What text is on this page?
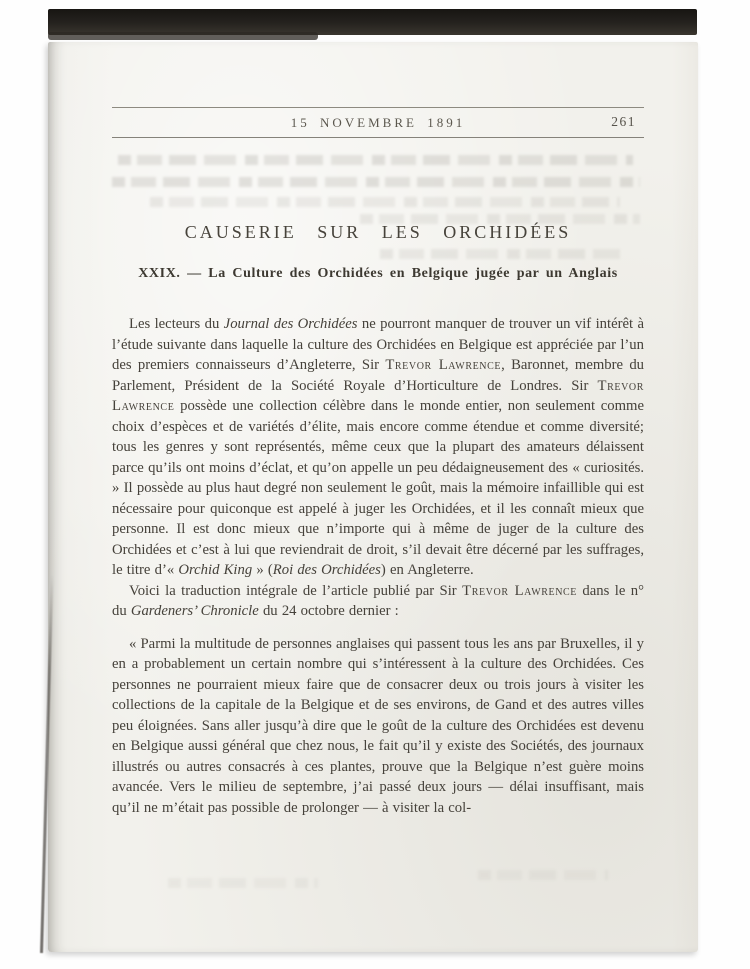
15 NOVEMBRE 1891	261
CAUSERIE SUR LES ORCHIDÉES
XXIX. — La Culture des Orchidées en Belgique jugée par un Anglais

Les lecteurs du Journal des Orchidées ne pourront manquer de trouver un vif intérêt à l’étude suivante dans laquelle la culture des Orchidées en Belgique est appréciée par l’un des premiers connaisseurs d’Angleterre, Sir Trevor Lawrence, Baronnet, membre du Parlement, Président de la Société Royale d’Horticulture de Londres. Sir Trevor Lawrence possède une collection célèbre dans le monde entier, non seulement comme choix d’espèces et de variétés d’élite, mais encore comme étendue et comme diversité; tous les genres y sont représentés, même ceux que la plupart des amateurs délaissent parce qu’ils ont moins d’éclat, et qu’on appelle un peu dédaigneusement des « curiosités. » Il possède au plus haut degré non seulement le goût, mais la mémoire infaillible qui est nécessaire pour quiconque est appelé à juger les Orchidées, et il les connaît mieux que personne. Il est donc mieux que n’importe qui à même de juger de la culture des Orchidées et c’est à lui que reviendrait de droit, s’il devait être décerné par les suffrages, le titre d’« Orchid King » (Roi des Orchidées) en Angleterre.

Voici la traduction intégrale de l’article publié par Sir Trevor Lawrence dans le n° du Gardeners’ Chronicle du 24 octobre dernier :

« Parmi la multitude de personnes anglaises qui passent tous les ans par Bruxelles, il y en a probablement un certain nombre qui s’intéressent à la culture des Orchidées. Ces personnes ne pourraient mieux faire que de consacrer deux ou trois jours à visiter les collections de la capitale de la Belgique et de ses environs, de Gand et des autres villes peu éloignées. Sans aller jusqu’à dire que le goût de la culture des Orchidées est devenu en Belgique aussi général que chez nous, le fait qu’il y existe des Sociétés, des journaux illustrés ou autres consacrés à ces plantes, prouve que la Belgique n’est guère moins avancée. Vers le milieu de septembre, j’ai passé deux jours — délai insuffisant, mais qu’il ne m’était pas possible de prolonger — à visiter la col-
